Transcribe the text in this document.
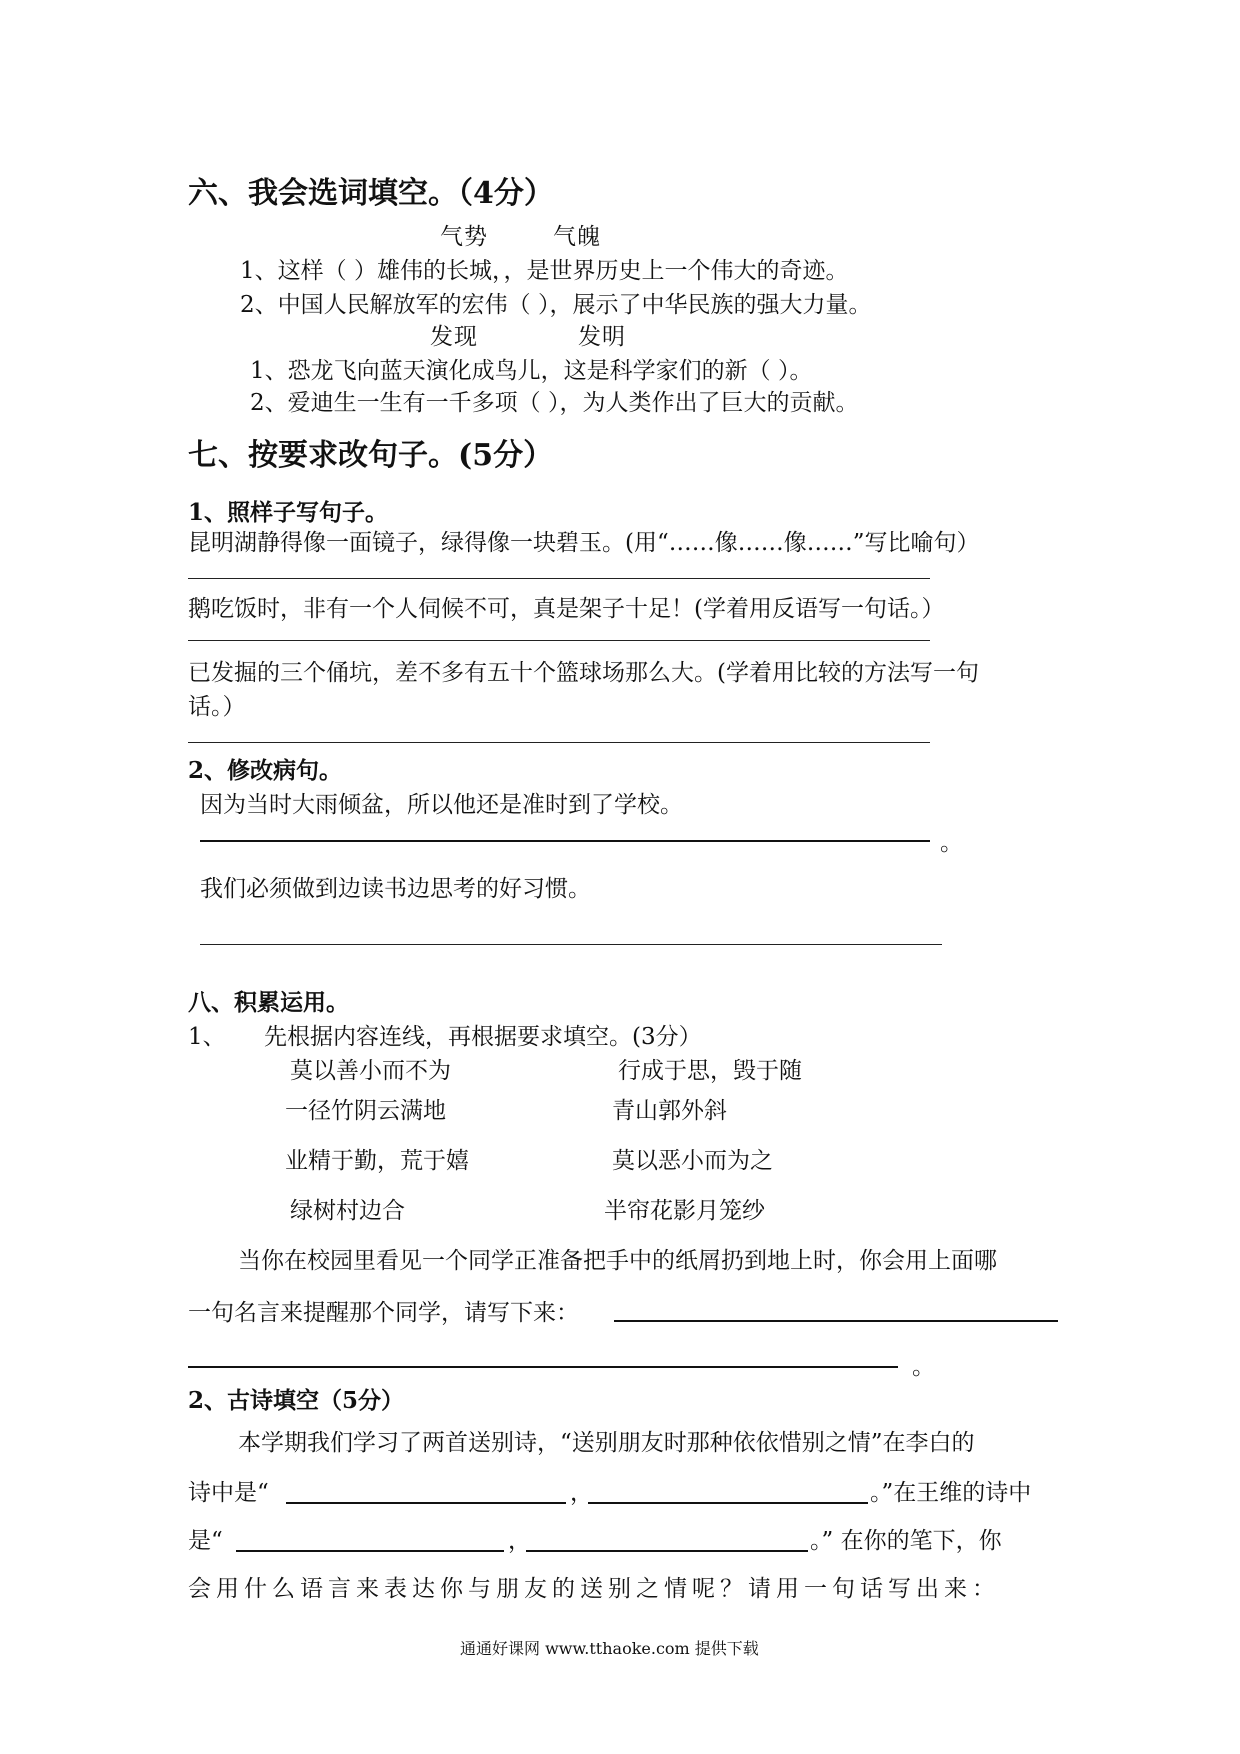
六、我会选词填空。（4分）
气势	气魄
1、这样（ ）雄伟的长城，，是世界历史上一个伟大的奇迹。
2、中国人民解放军的宏伟（ ），展示了中华民族的强大力量。
发现	发明
1、恐龙飞向蓝天演化成鸟儿，这是科学家们的新（ ）。
2、爱迪生一生有一千多项（ ），为人类作出了巨大的贡献。
七、按要求改句子。(5分）
1、照样子写句子。
昆明湖静得像一面镜子，绿得像一块碧玉。(用“……像……像……”写比喻句）
鹅吃饭时，非有一个人伺候不可，真是架子十足！(学着用反语写一句话。）
已发掘的三个俑坑，差不多有五十个篮球场那么大。(学着用比较的方法写一句
话。）
2、修改病句。
因为当时大雨倾盆，所以他还是准时到了学校。
。
我们必须做到边读书边思考的好习惯。
八、积累运用。
1、 先根据内容连线，再根据要求填空。(3分）
莫以善小而不为
一径竹阴云满地
业精于勤，荒于嬉
绿树村边合
行成于思，毁于随
青山郭外斜
莫以恶小而为之
半帘花影月笼纱
当你在校园里看见一个同学正准备把手中的纸屑扔到地上时，你会用上面哪
一句名言来提醒那个同学，请写下来：
。
2、古诗填空（5分）
本学期我们学习了两首送别诗，“送别朋友时那种依依惜别之情”在李白的
诗中是“	，	。”在王维的诗中
是“	，	。” 在你的笔下，你
会用什么语言来表达你与朋友的送别之情呢？请用一句话写出来：
通通好课网 www.tthaoke.com 提供下载
